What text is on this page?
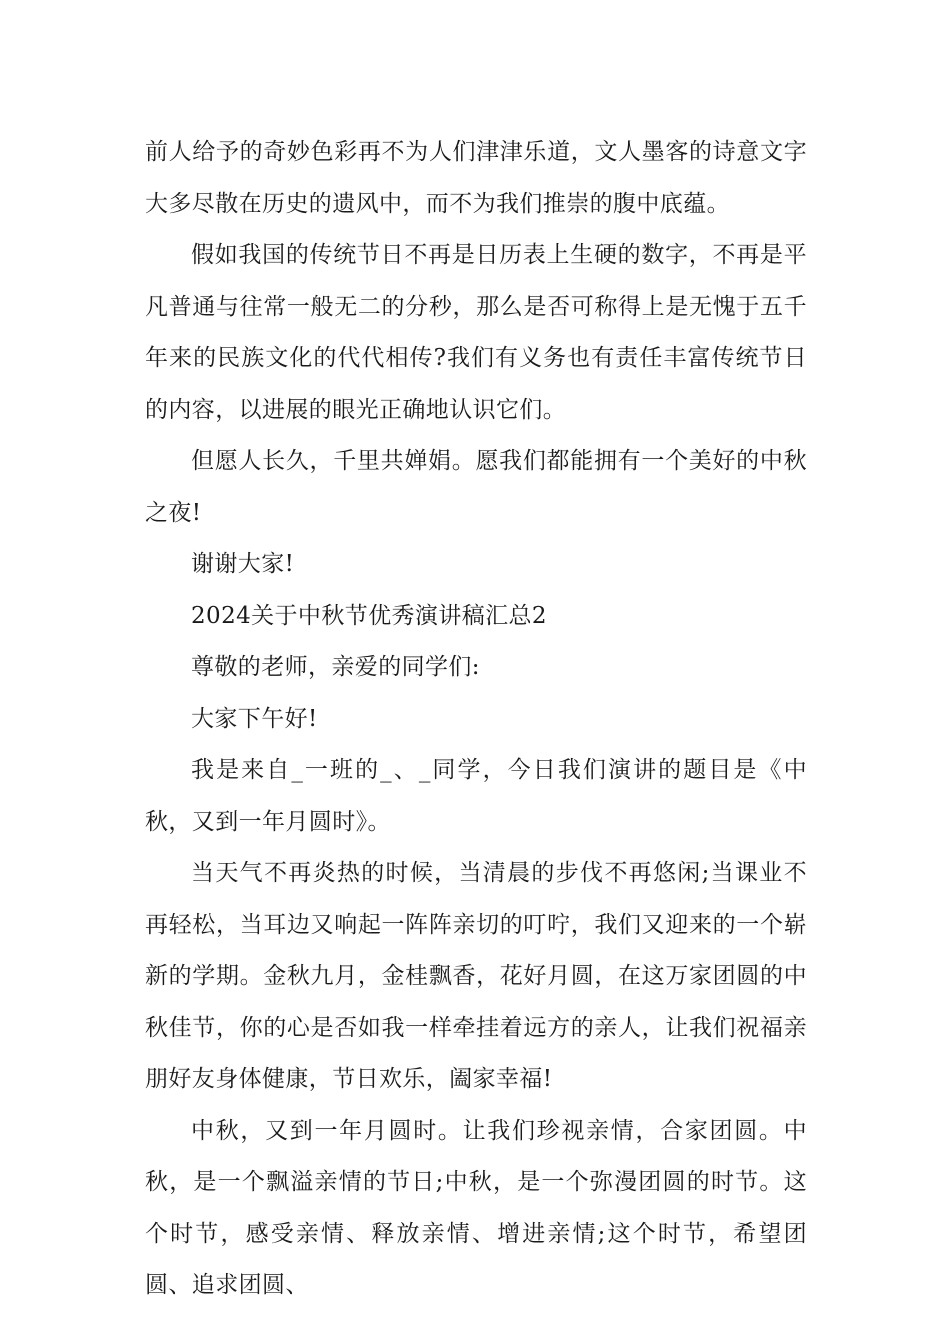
前人给予的奇妙色彩再不为人们津津乐道，文人墨客的诗意文字大多尽散在历史的遗风中，而不为我们推崇的腹中底蕴。

假如我国的传统节日不再是日历表上生硬的数字，不再是平凡普通与往常一般无二的分秒，那么是否可称得上是无愧于五千年来的民族文化的代代相传?我们有义务也有责任丰富传统节日的内容，以进展的眼光正确地认识它们。

但愿人长久，千里共婵娟。愿我们都能拥有一个美好的中秋之夜!

谢谢大家!

2024关于中秋节优秀演讲稿汇总2

尊敬的老师，亲爱的同学们:

大家下午好!

我是来自_一班的_、_同学，今日我们演讲的题目是《中秋，又到一年月圆时》。

当天气不再炎热的时候，当清晨的步伐不再悠闲;当课业不再轻松，当耳边又响起一阵阵亲切的叮咛，我们又迎来的一个崭新的学期。金秋九月，金桂飘香，花好月圆，在这万家团圆的中秋佳节，你的心是否如我一样牵挂着远方的亲人，让我们祝福亲朋好友身体健康，节日欢乐，阖家幸福!

中秋，又到一年月圆时。让我们珍视亲情，合家团圆。中秋，是一个飘溢亲情的节日;中秋，是一个弥漫团圆的时节。这个时节，感受亲情、释放亲情、增进亲情;这个时节，希望团圆、追求团圆、
